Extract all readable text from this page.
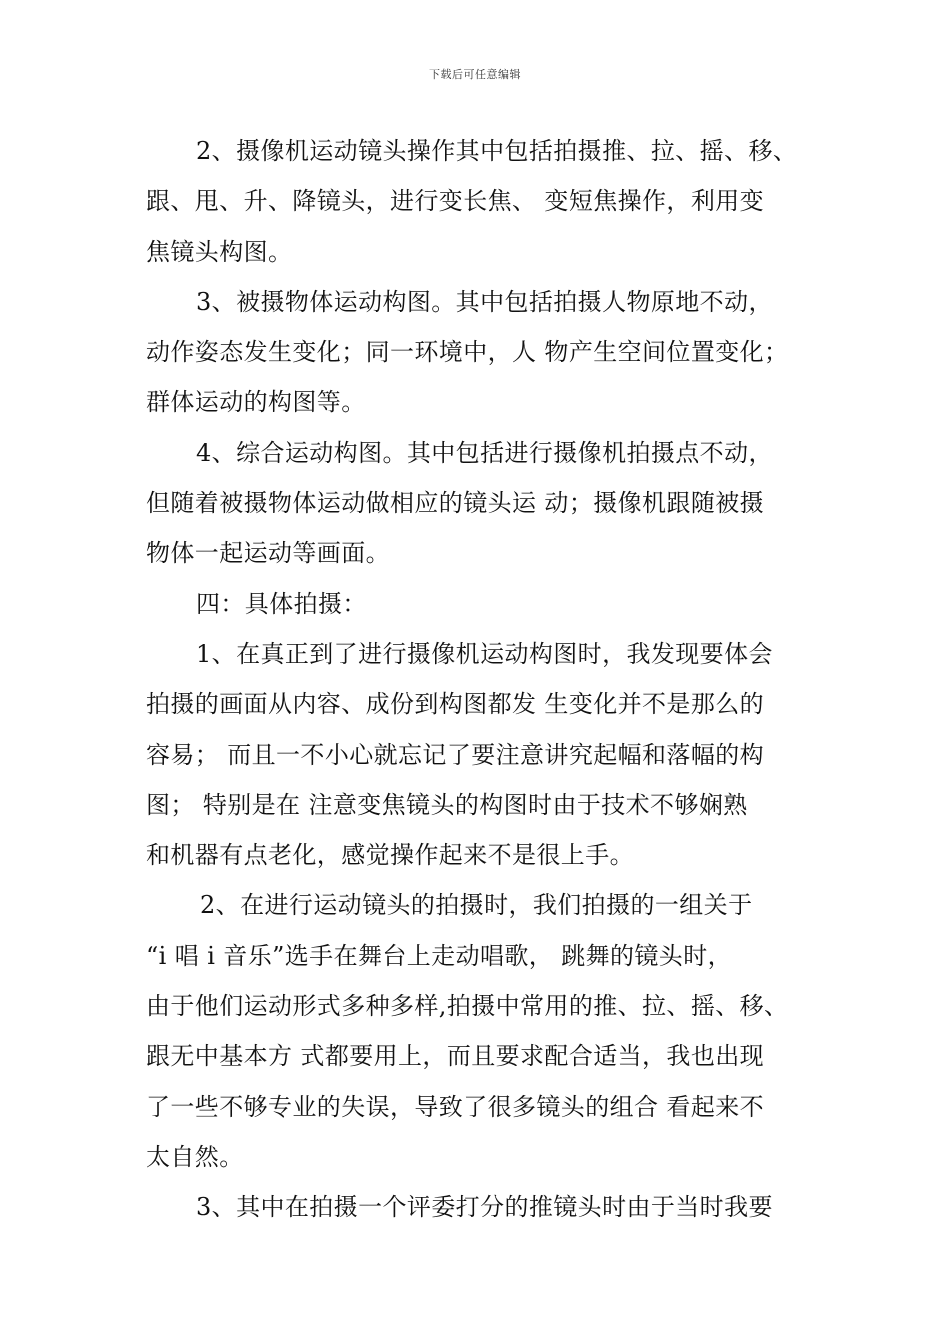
下载后可任意编辑
2、摄像机运动镜头操作其中包括拍摄推、拉、摇、移、
跟、甩、升、降镜头，进行变长焦、 变短焦操作，利用变
焦镜头构图。
3、被摄物体运动构图。其中包括拍摄人物原地不动，
动作姿态发生变化；同一环境中，人 物产生空间位置变化；
群体运动的构图等。
4、综合运动构图。其中包括进行摄像机拍摄点不动，
但随着被摄物体运动做相应的镜头运 动；摄像机跟随被摄
物体一起运动等画面。
四：具体拍摄：
1、在真正到了进行摄像机运动构图时，我发现要体会
拍摄的画面从内容、成份到构图都发 生变化并不是那么的
容易； 而且一不小心就忘记了要注意讲究起幅和落幅的构
图； 特别是在 注意变焦镜头的构图时由于技术不够娴熟
和机器有点老化，感觉操作起来不是很上手。
2、在进行运动镜头的拍摄时，我们拍摄的一组关于
“i 唱 i 音乐”选手在舞台上走动唱歌， 跳舞的镜头时，
由于他们运动形式多种多样,拍摄中常用的推、拉、摇、移、
跟无中基本方 式都要用上，而且要求配合适当，我也出现
了一些不够专业的失误，导致了很多镜头的组合 看起来不
太自然。
3、其中在拍摄一个评委打分的推镜头时由于当时我要
